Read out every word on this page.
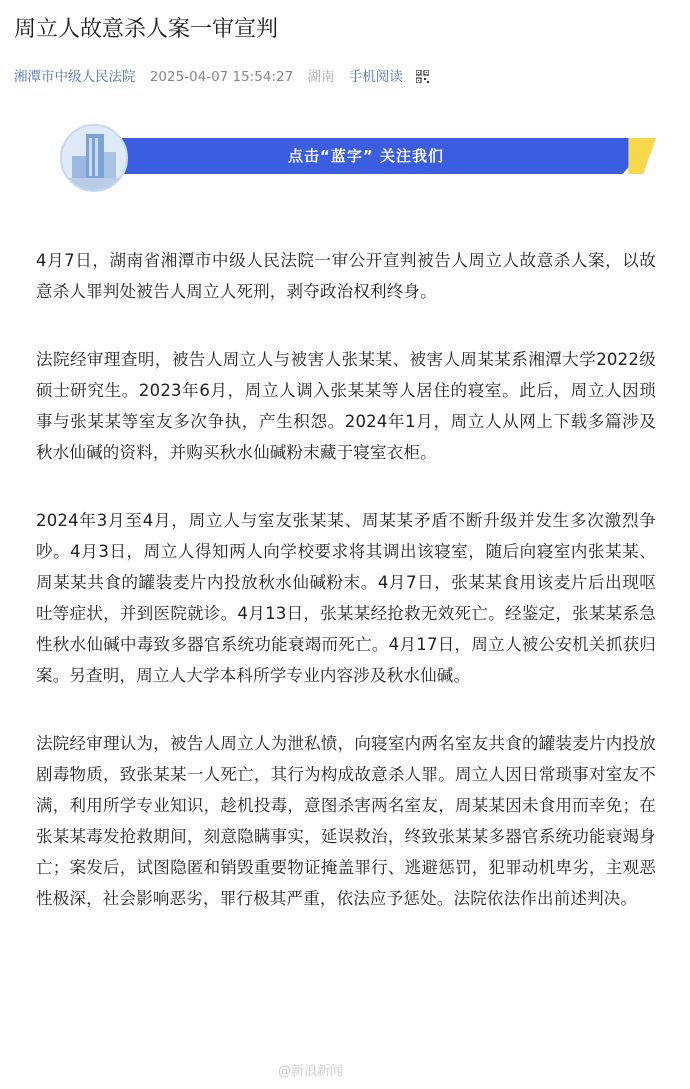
周立人故意杀人案一审宣判
湘潭市中级人民法院 2025-04-07 15:54:27 湖南 手机阅读
点击“蓝字” 关注我们

4月7日，湖南省湘潭市中级人民法院一审公开宣判被告人周立人故意杀人案，以故意杀人罪判处被告人周立人死刑，剥夺政治权利终身。

法院经审理查明，被告人周立人与被害人张某某、被害人周某某系湘潭大学2022级硕士研究生。2023年6月，周立人调入张某某等人居住的寝室。此后，周立人因琐事与张某某等室友多次争执，产生积怨。2024年1月，周立人从网上下载多篇涉及秋水仙碱的资料，并购买秋水仙碱粉末藏于寝室衣柜。

2024年3月至4月，周立人与室友张某某、周某某矛盾不断升级并发生多次激烈争吵。4月3日，周立人得知两人向学校要求将其调出该寝室，随后向寝室内张某某、周某某共食的罐装麦片内投放秋水仙碱粉末。4月7日，张某某食用该麦片后出现呕吐等症状，并到医院就诊。4月13日，张某某经抢救无效死亡。经鉴定，张某某系急性秋水仙碱中毒致多器官系统功能衰竭而死亡。4月17日，周立人被公安机关抓获归案。另查明，周立人大学本科所学专业内容涉及秋水仙碱。

法院经审理认为，被告人周立人为泄私愤，向寝室内两名室友共食的罐装麦片内投放剧毒物质，致张某某一人死亡，其行为构成故意杀人罪。周立人因日常琐事对室友不满，利用所学专业知识，趁机投毒，意图杀害两名室友，周某某因未食用而幸免；在张某某毒发抢救期间，刻意隐瞒事实，延误救治，终致张某某多器官系统功能衰竭身亡；案发后，试图隐匿和销毁重要物证掩盖罪行、逃避惩罚，犯罪动机卑劣，主观恶性极深，社会影响恶劣，罪行极其严重，依法应予惩处。法院依法作出前述判决。

@新浪新闻
